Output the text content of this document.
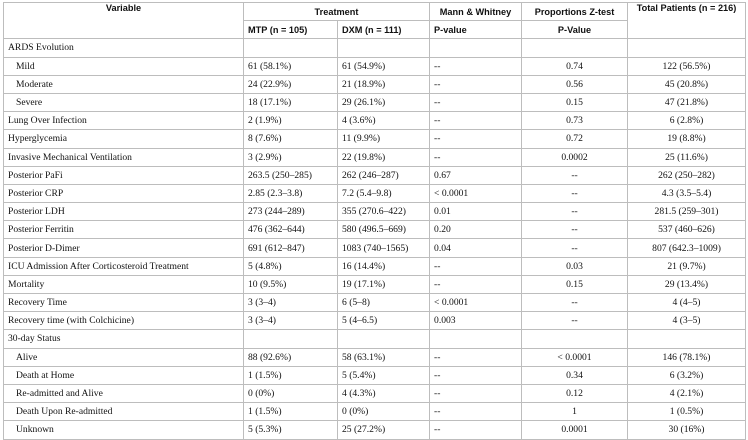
Variable	Treatment		Mann & Whitney	Proportions Z-test	Total Patients (n = 216)
	MTP (n = 105)	DXM (n = 111)	P-value	P-Value	
ARDS Evolution					
Mild	61 (58.1%)	61 (54.9%)	--	0.74	122 (56.5%)
Moderate	24 (22.9%)	21 (18.9%)	--	0.56	45 (20.8%)
Severe	18 (17.1%)	29 (26.1%)	--	0.15	47 (21.8%)
Lung Over Infection	2 (1.9%)	4 (3.6%)	--	0.73	6 (2.8%)
Hyperglycemia	8 (7.6%)	11 (9.9%)	--	0.72	19 (8.8%)
Invasive Mechanical Ventilation	3 (2.9%)	22 (19.8%)	--	0.0002	25 (11.6%)
Posterior PaFi	263.5 (250–285)	262 (246–287)	0.67	--	262 (250–282)
Posterior CRP	2.85 (2.3–3.8)	7.2 (5.4–9.8)	< 0.0001	--	4.3 (3.5–5.4)
Posterior LDH	273 (244–289)	355 (270.6–422)	0.01	--	281.5 (259–301)
Posterior Ferritin	476 (362–644)	580 (496.5–669)	0.20	--	537 (460–626)
Posterior D-Dimer	691 (612–847)	1083 (740–1565)	0.04	--	807 (642.3–1009)
ICU Admission After Corticosteroid Treatment	5 (4.8%)	16 (14.4%)	--	0.03	21 (9.7%)
Mortality	10 (9.5%)	19 (17.1%)	--	0.15	29 (13.4%)
Recovery Time	3 (3–4)	6 (5–8)	< 0.0001	--	4 (4–5)
Recovery time (with Colchicine)	3 (3–4)	5 (4–6.5)	0.003	--	4 (3–5)
30-day Status					
Alive	88 (92.6%)	58 (63.1%)	--	< 0.0001	146 (78.1%)
Death at Home	1 (1.5%)	5 (5.4%)	--	0.34	6 (3.2%)
Re-admitted and Alive	0 (0%)	4 (4.3%)	--	0.12	4 (2.1%)
Death Upon Re-admitted	1 (1.5%)	0 (0%)	--	1	1 (0.5%)
Unknown	5 (5.3%)	25 (27.2%)	--	0.0001	30 (16%)
